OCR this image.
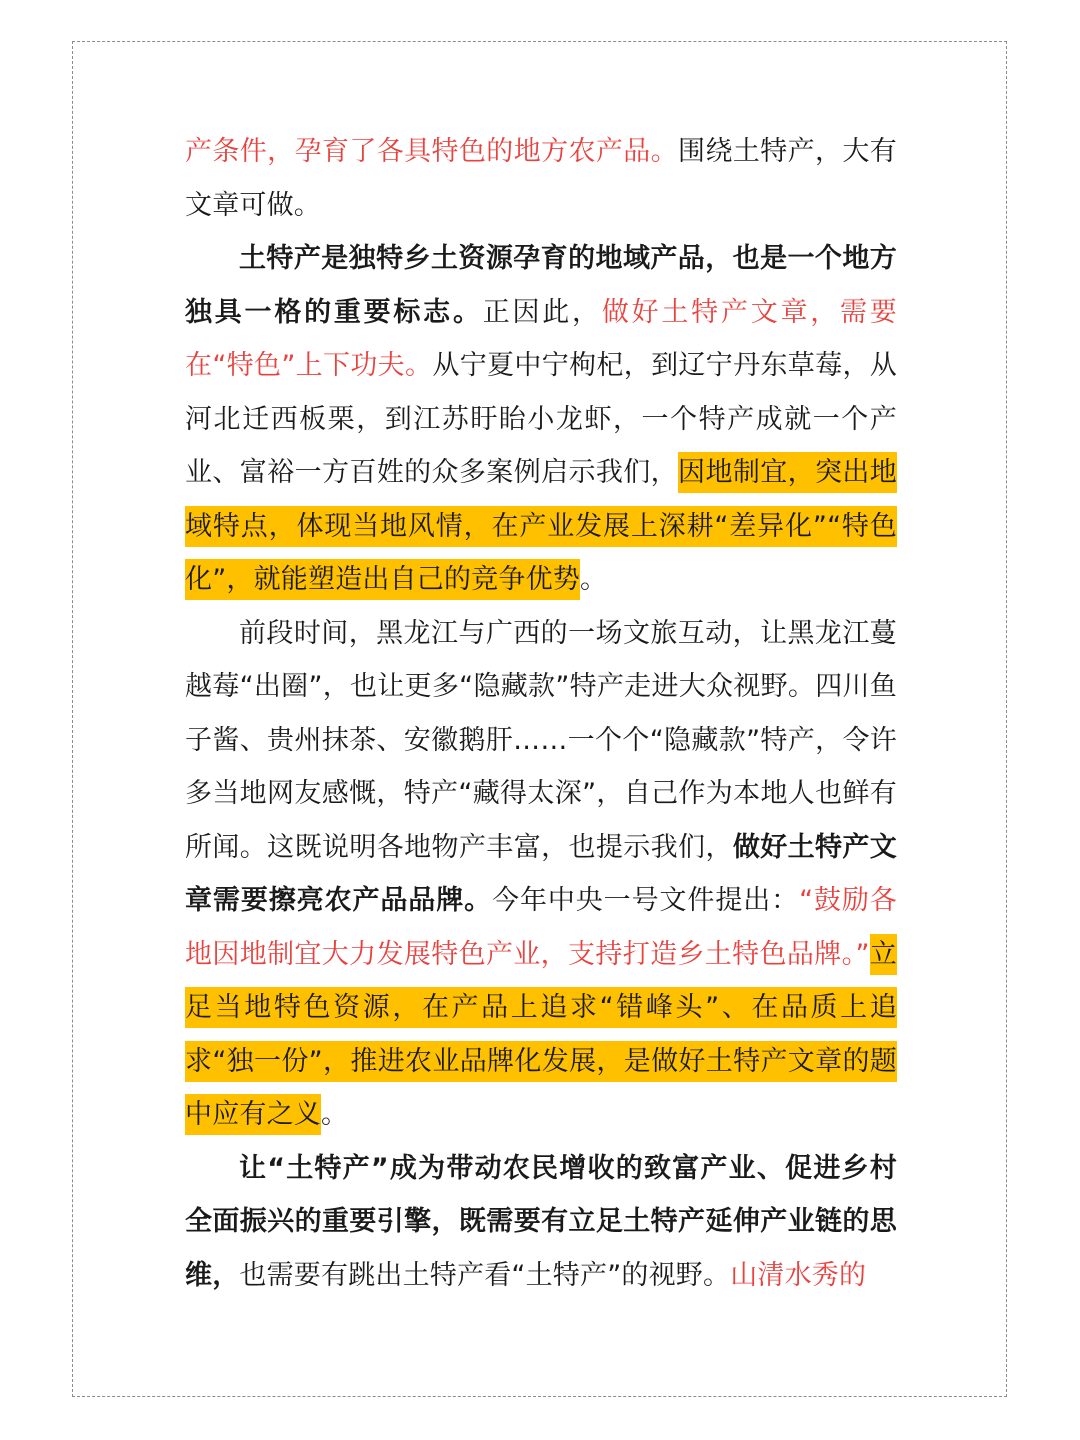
产条件，孕育了各具特色的地方农产品。围绕土特产，大有文章可做。

土特产是独特乡土资源孕育的地域产品，也是一个地方独具一格的重要标志。正因此，做好土特产文章，需要在“特色”上下功夫。从宁夏中宁枸杞，到辽宁丹东草莓，从河北迁西板栗，到江苏盱眙小龙虾，一个特产成就一个产业、富裕一方百姓的众多案例启示我们，因地制宜，突出地域特点，体现当地风情，在产业发展上深耕“差异化”“特色化”，就能塑造出自己的竞争优势。

前段时间，黑龙江与广西的一场文旅互动，让黑龙江蔓越莓“出圈”，也让更多“隐藏款”特产走进大众视野。四川鱼子酱、贵州抹茶、安徽鹅肝……一个个“隐藏款”特产，令许多当地网友感慨，特产“藏得太深”，自己作为本地人也鲜有所闻。这既说明各地物产丰富，也提示我们，做好土特产文章需要擦亮农产品品牌。今年中央一号文件提出：“鼓励各地因地制宜大力发展特色产业，支持打造乡土特色品牌。”立足当地特色资源，在产品上追求“错峰头”、在品质上追求“独一份”，推进农业品牌化发展，是做好土特产文章的题中应有之义。

让“土特产”成为带动农民增收的致富产业、促进乡村全面振兴的重要引擎，既需要有立足土特产延伸产业链的思维，也需要有跳出土特产看“土特产”的视野。山清水秀的
